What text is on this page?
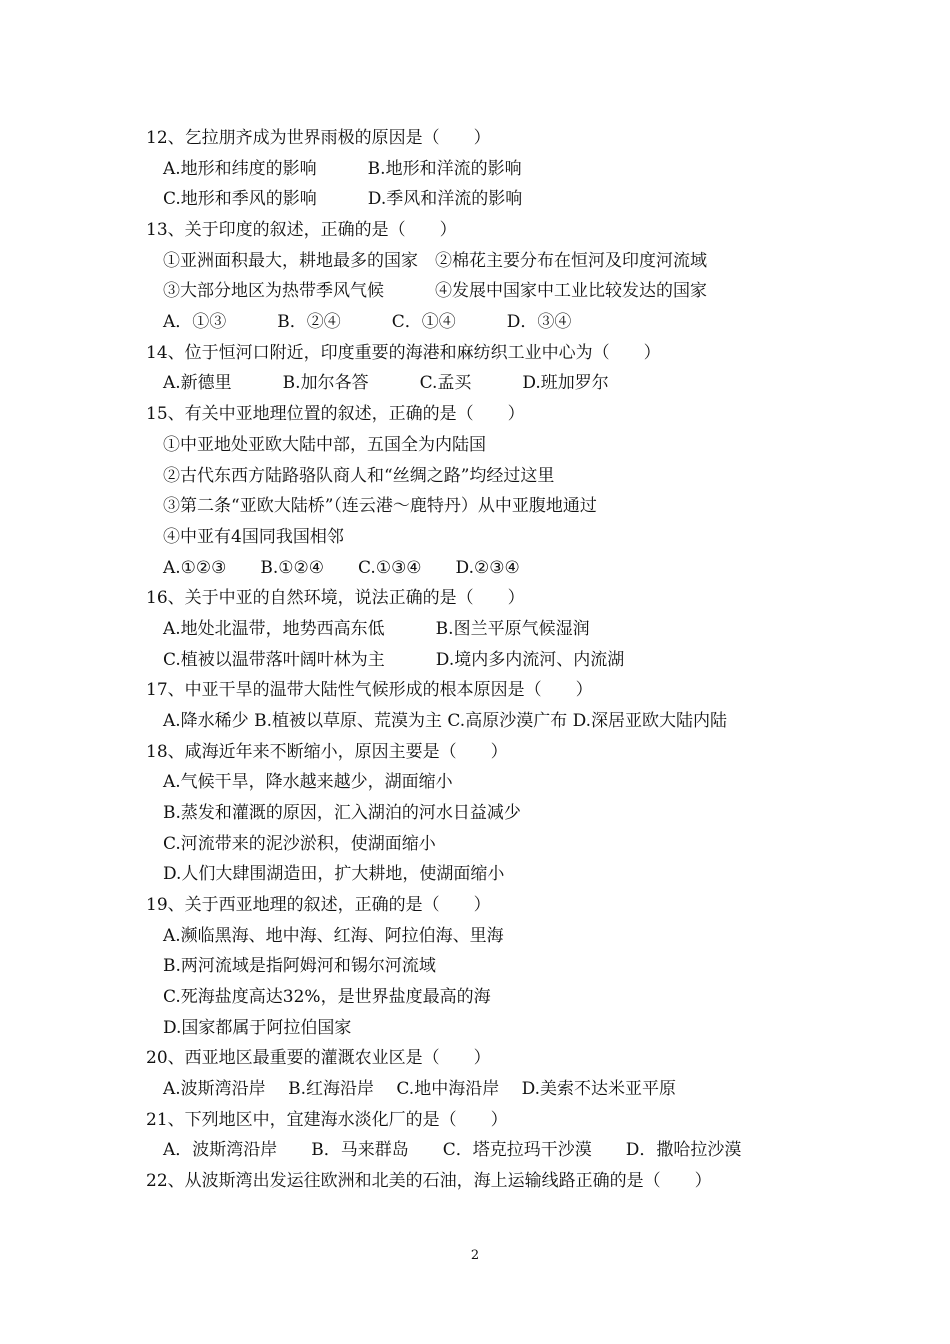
12、乞拉朋齐成为世界雨极的原因是（　　）

A.地形和纬度的影响　　　B.地形和洋流的影响

C.地形和季风的影响　　　D.季风和洋流的影响

13、关于印度的叙述，正确的是（　　）

①亚洲面积最大，耕地最多的国家　②棉花主要分布在恒河及印度河流域

③大部分地区为热带季风气候　　　④发展中国家中工业比较发达的国家

A．①③　　　B．②④　　　C．①④　　　D．③④

14、位于恒河口附近，印度重要的海港和麻纺织工业中心为（　　）

A.新德里　　　B.加尔各答　　　C.孟买　　　D.班加罗尔

15、有关中亚地理位置的叙述，正确的是（　　）

①中亚地处亚欧大陆中部，五国全为内陆国

②古代东西方陆路骆队商人和“丝绸之路”均经过这里

③第二条“亚欧大陆桥”（连云港～鹿特丹）从中亚腹地通过

④中亚有4国同我国相邻

A.①②③　　B.①②④　　C.①③④　　D.②③④

16、关于中亚的自然环境，说法正确的是（　　）

A.地处北温带，地势西高东低　　　B.图兰平原气候湿润

C.植被以温带落叶阔叶林为主　　　D.境内多内流河、内流湖

17、中亚干旱的温带大陆性气候形成的根本原因是（　　）

A.降水稀少 B.植被以草原、荒漠为主 C.高原沙漠广布 D.深居亚欧大陆内陆

18、咸海近年来不断缩小，原因主要是（　　）

A.气候干旱，降水越来越少，湖面缩小

B.蒸发和灌溉的原因，汇入湖泊的河水日益减少

C.河流带来的泥沙淤积，使湖面缩小

D.人们大肆围湖造田，扩大耕地，使湖面缩小

19、关于西亚地理的叙述，正确的是（　　）

A.濒临黑海、地中海、红海、阿拉伯海、里海

B.两河流域是指阿姆河和锡尔河流域

C.死海盐度高达32%，是世界盐度最高的海

D.国家都属于阿拉伯国家

20、西亚地区最重要的灌溉农业区是（　　）

A.波斯湾沿岸　 B.红海沿岸　 C.地中海沿岸　 D.美索不达米亚平原

21、下列地区中，宜建海水淡化厂的是（　　）

A．波斯湾沿岸　　B．马来群岛　　C．塔克拉玛干沙漠　　D．撒哈拉沙漠

22、从波斯湾出发运往欧洲和北美的石油，海上运输线路正确的是（　　）

2
